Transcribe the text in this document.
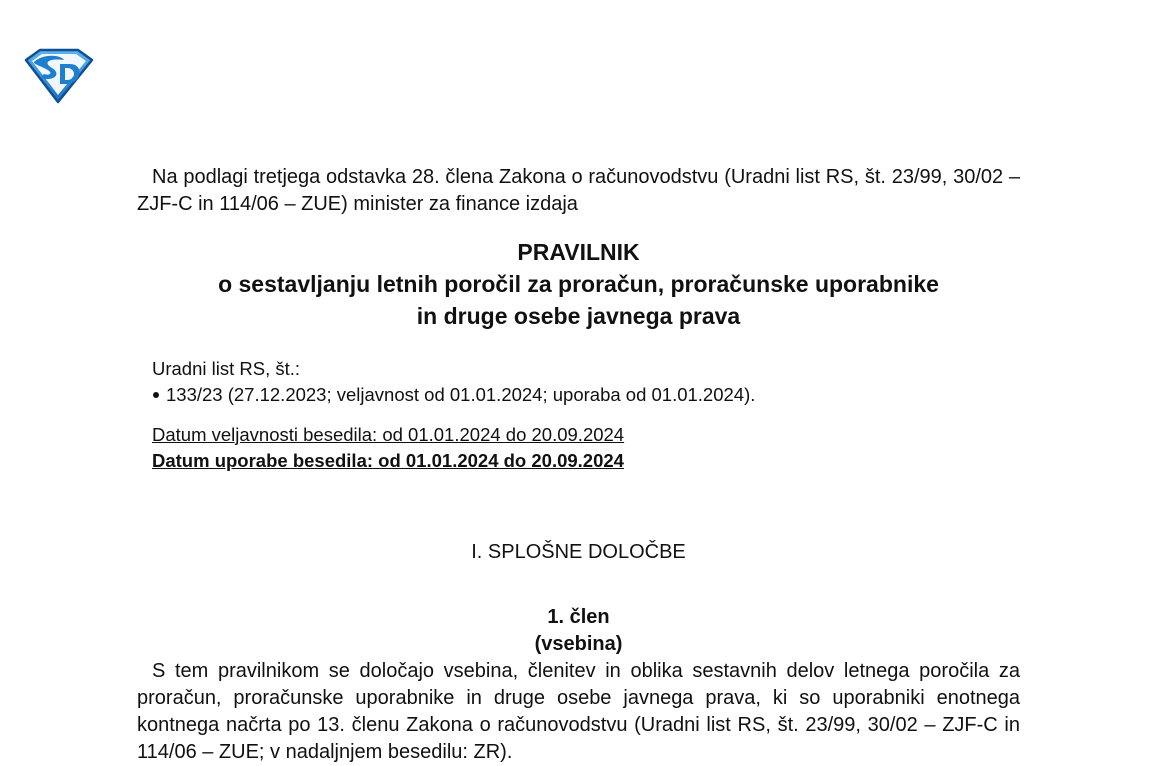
Na podlagi tretjega odstavka 28. člena Zakona o računovodstvu (Uradni list RS, št. 23/99, 30/02 – ZJF-C in 114/06 – ZUE) minister za finance izdaja

PRAVILNIK
o sestavljanju letnih poročil za proračun, proračunske uporabnike
in druge osebe javnega prava
Uradni list RS, št.:
133/23 (27.12.2023; veljavnost od 01.01.2024; uporaba od 01.01.2024).
Datum veljavnosti besedila: od 01.01.2024 do 20.09.2024
Datum uporabe besedila: od 01.01.2024 do 20.09.2024
I. SPLOŠNE DOLOČBE
1. člen
(vsebina)

S tem pravilnikom se določajo vsebina, členitev in oblika sestavnih delov letnega poročila za proračun, proračunske uporabnike in druge osebe javnega prava, ki so uporabniki enotnega kontnega načrta po 13. členu Zakona o računovodstvu (Uradni list RS, št. 23/99, 30/02 – ZJF-C in 114/06 – ZUE; v nadaljnjem besedilu: ZR).
